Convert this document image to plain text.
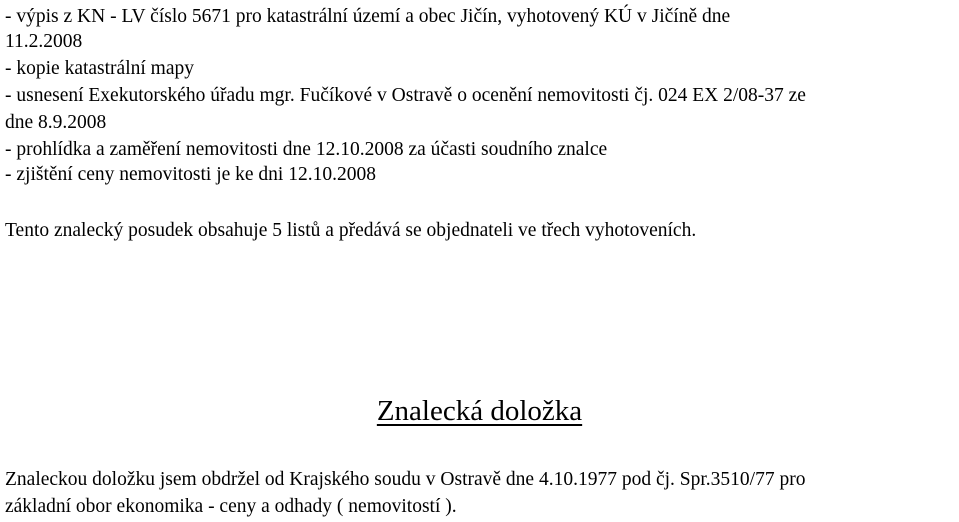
- výpis z KN - LV číslo 5671 pro katastrální území a obec Jičín, vyhotovený KÚ v Jičíně dne
11.2.2008
- kopie katastrální mapy
- usnesení Exekutorského úřadu mgr. Fučíkové v Ostravě o ocenění nemovitosti čj. 024 EX 2/08-37 ze
dne 8.9.2008
- prohlídka a zaměření nemovitosti dne 12.10.2008 za účasti soudního znalce
- zjištění ceny nemovitosti je ke dni 12.10.2008
Tento znalecký posudek obsahuje 5 listů a předává se objednateli ve třech vyhotoveních.
Znalecká doložka
Znaleckou doložku jsem obdržel od Krajského soudu v Ostravě dne 4.10.1977 pod čj. Spr.3510/77 pro
základní obor ekonomika - ceny a odhady ( nemovitostí ).
